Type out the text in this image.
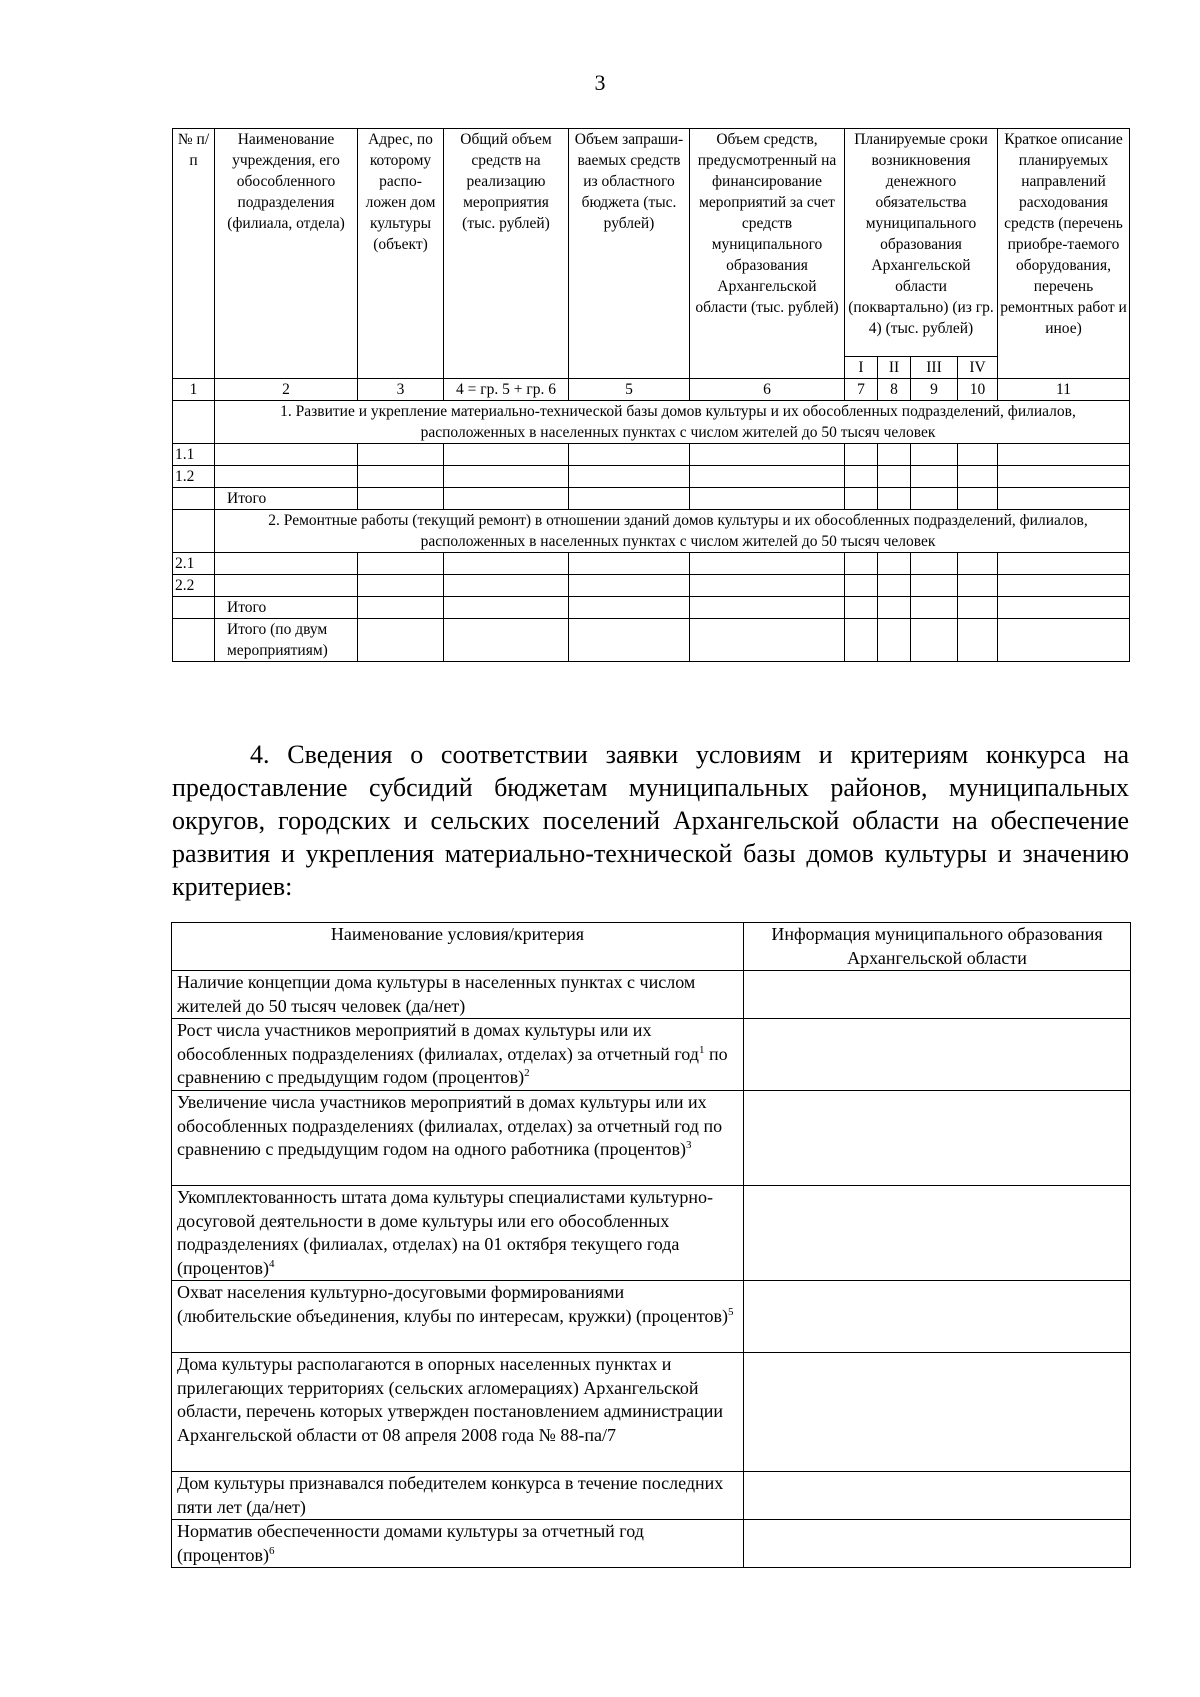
3
№ п/п	Наименование учреждения, его обособленного подразделения (филиала, отдела)	Адрес, по которому распо-ложен дом культуры (объект)	Общий объем средств на реализацию мероприятия (тыс. рублей)	Объем запраши-ваемых средств из областного бюджета (тыс. рублей)	Объем средств, предусмотренный на финансирование мероприятий за счет средств муниципального образования Архангельской области (тыс. рублей)	Планируемые сроки возникновения денежного обязательства муниципального образования Архангельской области (поквартально) (из гр. 4) (тыс. рублей)				Краткое описание планируемых направлений расходования средств (перечень приобре-таемого оборудования, перечень ремонтных работ и иное)
						I	II	III	IV	
1	2	3	4 = гр. 5 + гр. 6	5	6	7	8	9	10	11
	1. Развитие и укрепление материально-технической базы домов культуры и их обособленных подразделений, филиалов, расположенных в населенных пунктах с числом жителей до 50 тысяч человек									
1.1										
1.2										
	Итого									
	2. Ремонтные работы (текущий ремонт) в отношении зданий домов культуры и их обособленных подразделений, филиалов, расположенных в населенных пунктах с числом жителей до 50 тысяч человек									
2.1										
2.2										
	Итого									
	Итого (по двум мероприятиям)									

4. Сведения о соответствии заявки условиям и критериям конкурса на предоставление субсидий бюджетам муниципальных районов, муниципальных округов, городских и сельских поселений Архангельской области на обеспечение развития и укрепления материально-технической базы домов культуры и значению критериев:

Наименование условия/критерия	Информация муниципального образования Архангельской области
Наличие концепции дома культуры в населенных пунктах с числом жителей до 50 тысяч человек (да/нет)	
Рост числа участников мероприятий в домах культуры или их обособленных подразделениях (филиалах, отделах) за отчетный год$^1$ по сравнению с предыдущим годом (процентов)$^2$	
Увеличение числа участников мероприятий в домах культуры или их обособленных подразделениях (филиалах, отделах) за отчетный год по сравнению с предыдущим годом на одного работника (процентов)$^3$	
Укомплектованность штата дома культуры специалистами культурно-досуговой деятельности в доме культуры или его обособленных подразделениях (филиалах, отделах) на 01 октября текущего года (процентов)$^4$	
Охват населения культурно-досуговыми формированиями (любительские объединения, клубы по интересам, кружки) (процентов)$^5$	
Дома культуры располагаются в опорных населенных пунктах и прилегающих территориях (сельских агломерациях) Архангельской области, перечень которых утвержден постановлением администрации Архангельской области от 08 апреля 2008 года № 88-па/7	
Дом культуры признавался победителем конкурса в течение последних пяти лет (да/нет)	
Норматив обеспеченности домами культуры за отчетный год (процентов)$^6$	
